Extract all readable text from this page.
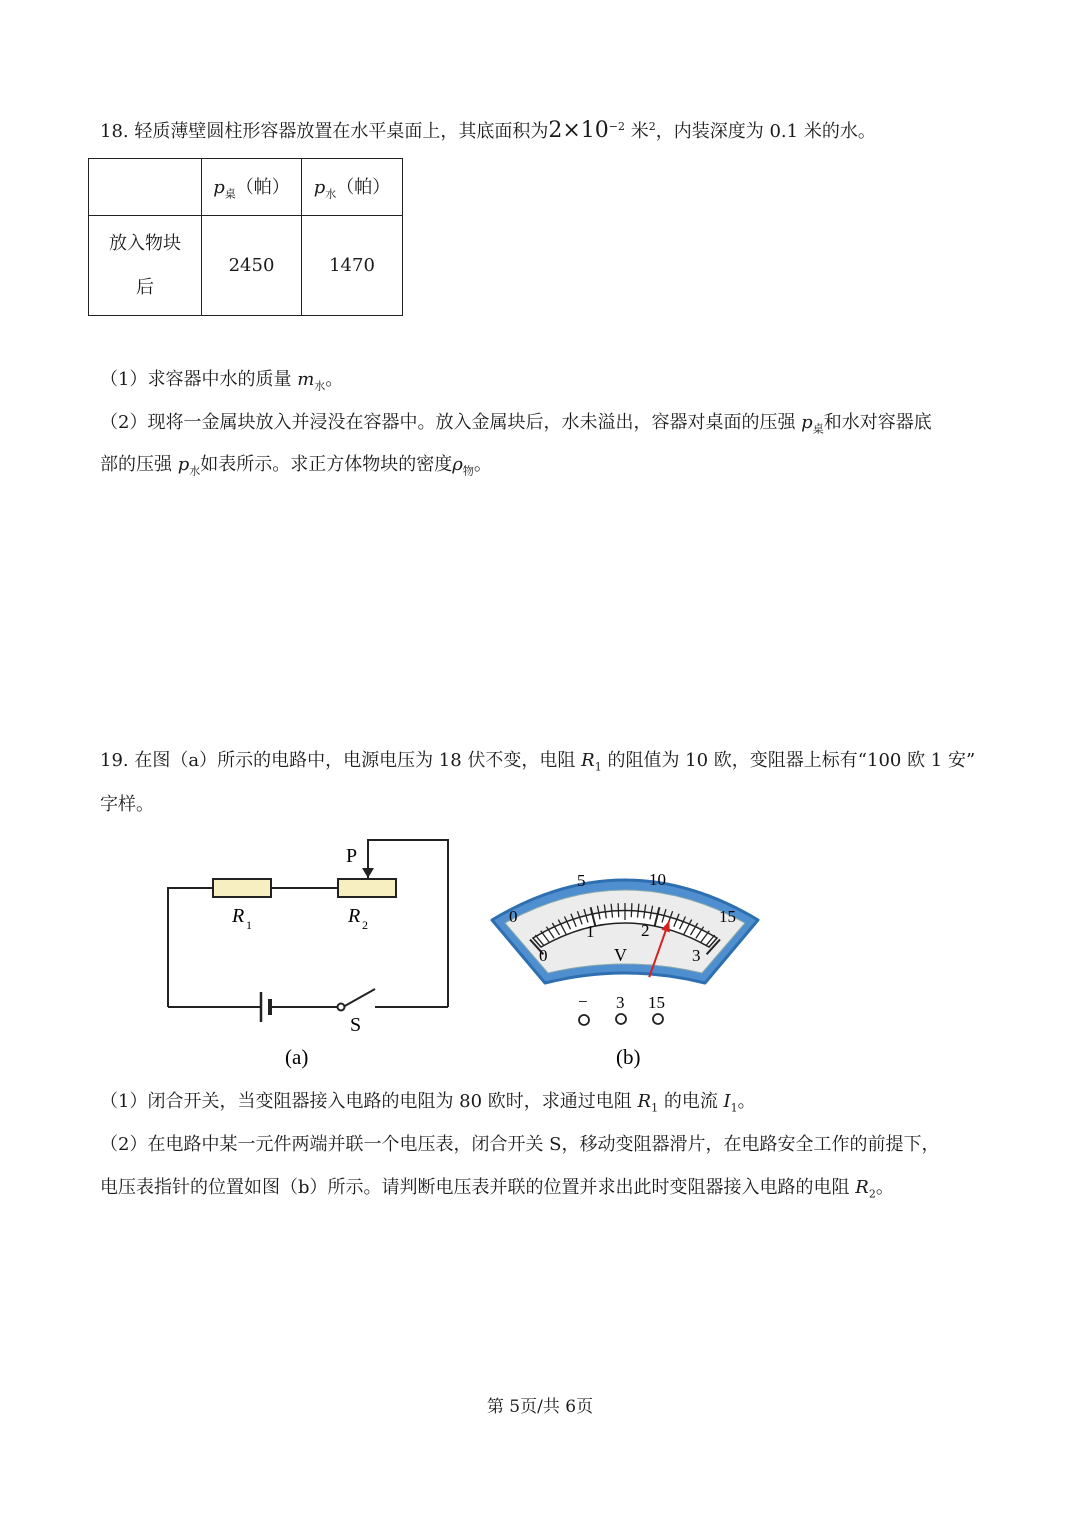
18. 轻质薄壁圆柱形容器放置在水平桌面上，其底面积为$2\times 10^{-2}$ 米$^2$，内装深度为 0.1 米的水。
	$p_桌$（帕）	$p_水$（帕）
放入物块
后	2450	1470
（1）求容器中水的质量 $m_水$。
（2）现将一金属块放入并浸没在容器中。放入金属块后，水未溢出，容器对桌面的压强 $p_桌$和水对容器底
部的压强 $p_水$如表所示。求正方体物块的密度$\rho_物$。
19. 在图（a）所示的电路中，电源电压为 18 伏不变，电阻 $R_1$ 的阻值为 10 欧，变阻器上标有“100 欧 1 安”
字样。
P
R 1	R 2
S
(a)
0
5	10
15
0
1	2
3
V
− 3 15
(b)
（1）闭合开关，当变阻器接入电路的电阻为 80 欧时，求通过电阻 $R_1$ 的电流 $I_1$。
（2）在电路中某一元件两端并联一个电压表，闭合开关 S，移动变阻器滑片，在电路安全工作的前提下，
电压表指针的位置如图（b）所示。请判断电压表并联的位置并求出此时变阻器接入电路的电阻 $R_2$。
第 5页/共 6页
